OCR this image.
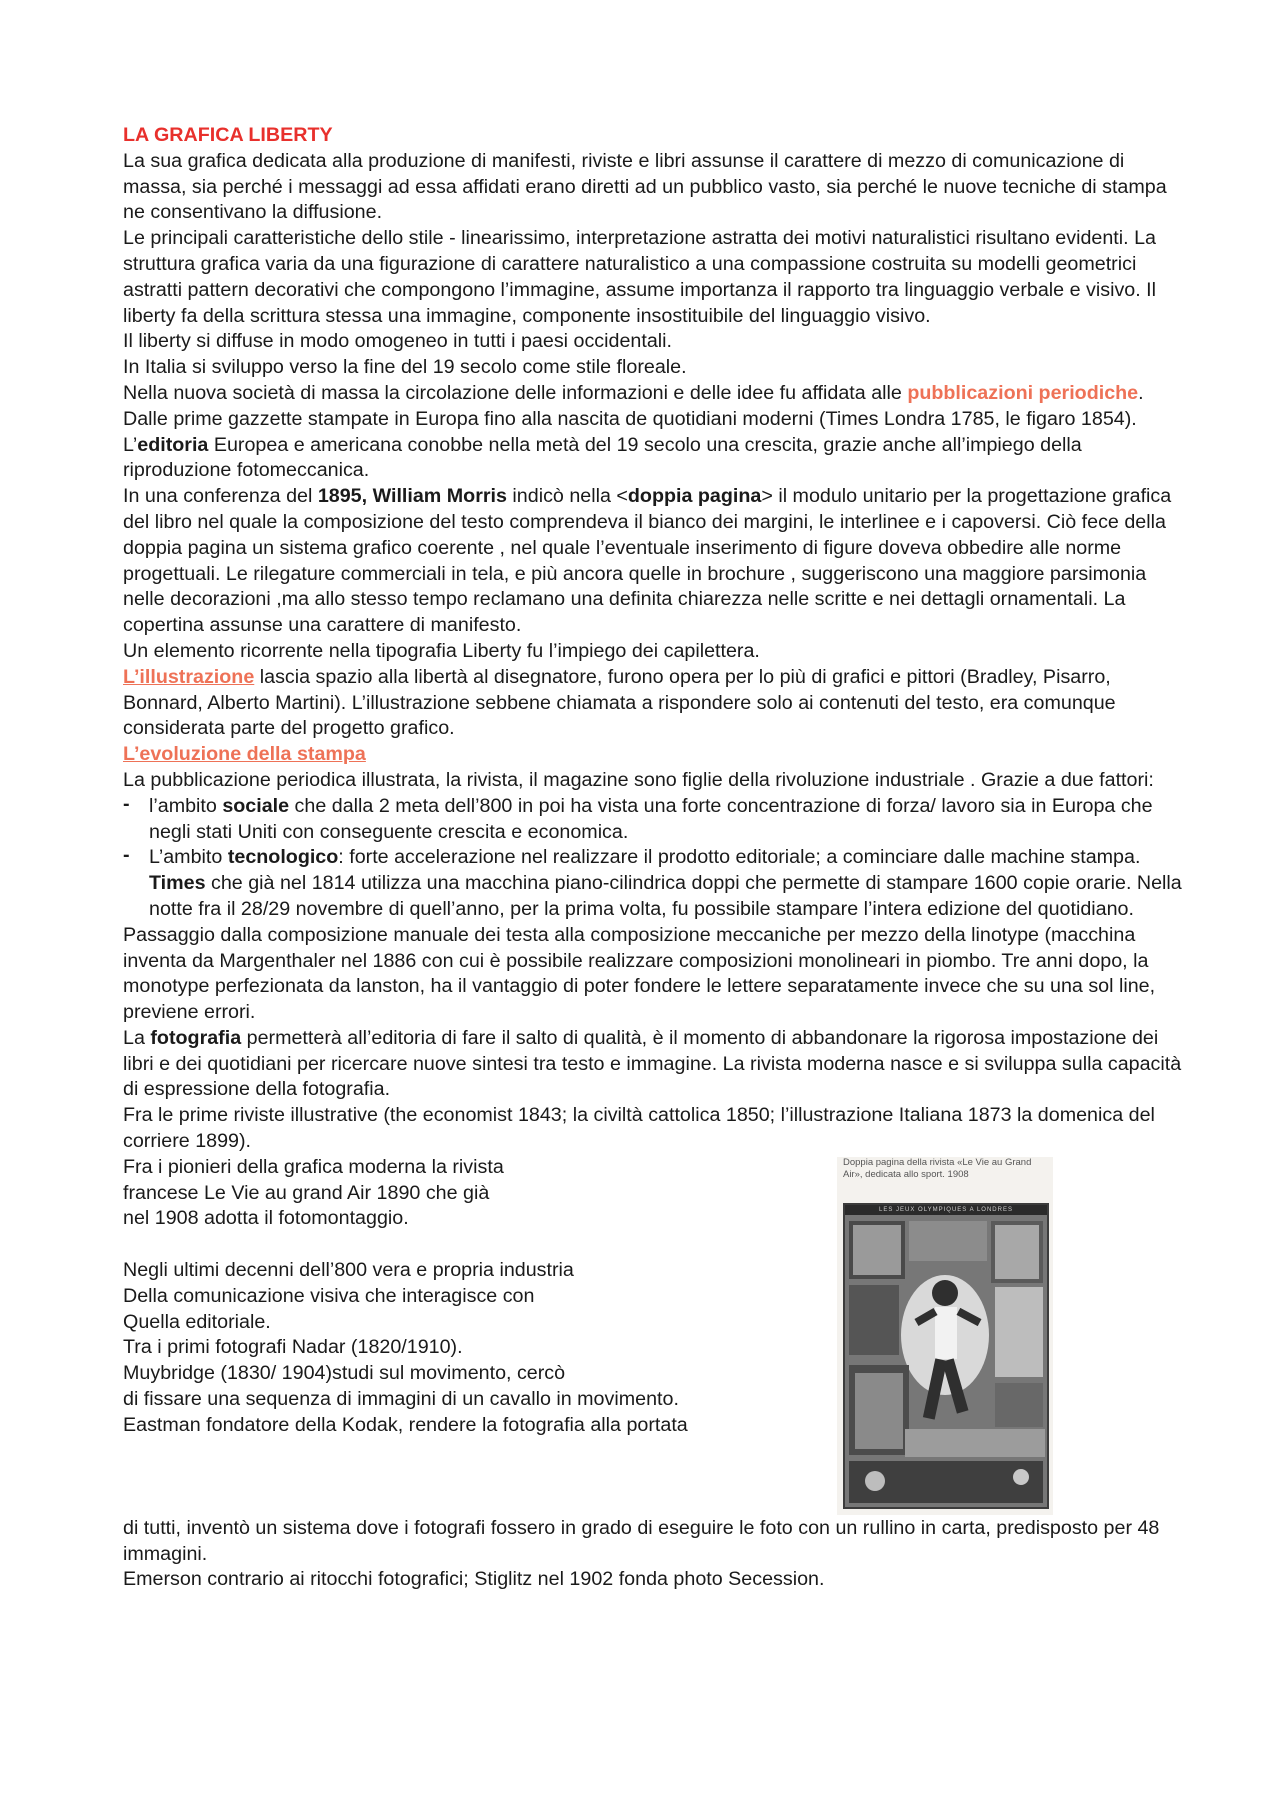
LA GRAFICA LIBERTY

La sua grafica dedicata alla produzione di manifesti, riviste e libri assunse il carattere di mezzo di comunicazione di massa, sia perché i messaggi ad essa affidati erano diretti ad un pubblico vasto, sia perché le nuove tecniche di stampa ne consentivano la diffusione.

Le principali caratteristiche dello stile - linearissimo, interpretazione astratta dei motivi naturalistici risultano evidenti. La struttura grafica varia da una figurazione di carattere naturalistico a una compassione costruita su modelli geometrici astratti pattern decorativi che compongono l’immagine, assume importanza il rapporto tra linguaggio verbale e visivo. Il liberty fa della scrittura stessa una immagine, componente insostituibile del linguaggio visivo.

Il liberty si diffuse in modo omogeneo in tutti i paesi occidentali.

In Italia si sviluppo verso la fine del 19 secolo come stile floreale.

Nella nuova società di massa la circolazione delle informazioni e delle idee fu affidata alle pubblicazioni periodiche. Dalle prime gazzette stampate in Europa fino alla nascita de quotidiani moderni (Times Londra 1785, le figaro 1854).

L’editoria Europea e americana conobbe nella metà del 19 secolo una crescita, grazie anche all’impiego della riproduzione fotomeccanica.

In una conferenza del 1895, William Morris indicò nella <doppia pagina> il modulo unitario per la progettazione grafica del libro nel quale la composizione del testo comprendeva il bianco dei margini, le interlinee e i capoversi. Ciò fece della doppia pagina un sistema grafico coerente , nel quale l’eventuale inserimento di figure doveva obbedire alle norme progettuali. Le rilegature commerciali in tela, e più ancora quelle in brochure , suggeriscono una maggiore parsimonia nelle decorazioni ,ma allo stesso tempo reclamano una definita chiarezza nelle scritte e nei dettagli ornamentali. La copertina assunse una carattere di manifesto.

Un elemento ricorrente nella tipografia Liberty fu l’impiego dei capilettera.

L’illustrazione lascia spazio alla libertà al disegnatore, furono opera per lo più di grafici e pittori (Bradley, Pisarro, Bonnard, Alberto Martini). L’illustrazione sebbene chiamata a rispondere solo ai contenuti del testo, era comunque considerata parte del progetto grafico.

L’evoluzione della stampa

La pubblicazione periodica illustrata, la rivista, il magazine sono figlie della rivoluzione industriale . Grazie a due fattori:

- l’ambito sociale che dalla 2 meta dell’800 in poi ha vista una forte concentrazione di forza/ lavoro sia in Europa che negli stati Uniti con conseguente crescita e economica.
- L’ambito tecnologico: forte accelerazione nel realizzare il prodotto editoriale; a cominciare dalle machine stampa. Times che già nel 1814 utilizza una macchina piano-cilindrica doppi che permette di stampare 1600 copie orarie. Nella notte fra il 28/29 novembre di quell’anno, per la prima volta, fu possibile stampare l’intera edizione del quotidiano.

Passaggio dalla composizione manuale dei testa alla composizione meccaniche per mezzo della linotype (macchina inventa da Margenthaler nel 1886 con cui è possibile realizzare composizioni monolineari in piombo. Tre anni dopo, la monotype perfezionata da lanston, ha il vantaggio di poter fondere le lettere separatamente invece che su una sol line, previene errori.

La fotografia permetterà all’editoria di fare il salto di qualità, è il momento di abbandonare la rigorosa impostazione dei libri e dei quotidiani per ricercare nuove sintesi tra testo e immagine. La rivista moderna nasce e si sviluppa sulla capacità di espressione della fotografia.

Fra le prime riviste illustrative (the economist 1843; la civiltà cattolica 1850; l’illustrazione Italiana 1873 la domenica del corriere 1899).

Fra i pionieri della grafica moderna la rivista

francese Le Vie au grand Air 1890 che già

nel 1908 adotta il fotomontaggio.

Negli ultimi decenni dell’800 vera e propria industria

Della comunicazione visiva che interagisce con

Quella editoriale.

Tra i primi fotografi Nadar (1820/1910).

Muybridge (1830/ 1904)studi sul movimento, cercò

di fissare una sequenza di immagini di un cavallo in movimento.

Eastman fondatore della Kodak, rendere la fotografia alla portata

Doppia pagina della rivista «Le Vie au Grand Air», dedicata allo sport. 1908
LES JEUX OLYMPIQUES A LONDRES

di tutti, inventò un sistema dove i fotografi fossero in grado di eseguire le foto con un rullino in carta, predisposto per 48 immagini.

Emerson contrario ai ritocchi fotografici; Stiglitz nel 1902 fonda photo Secession.
